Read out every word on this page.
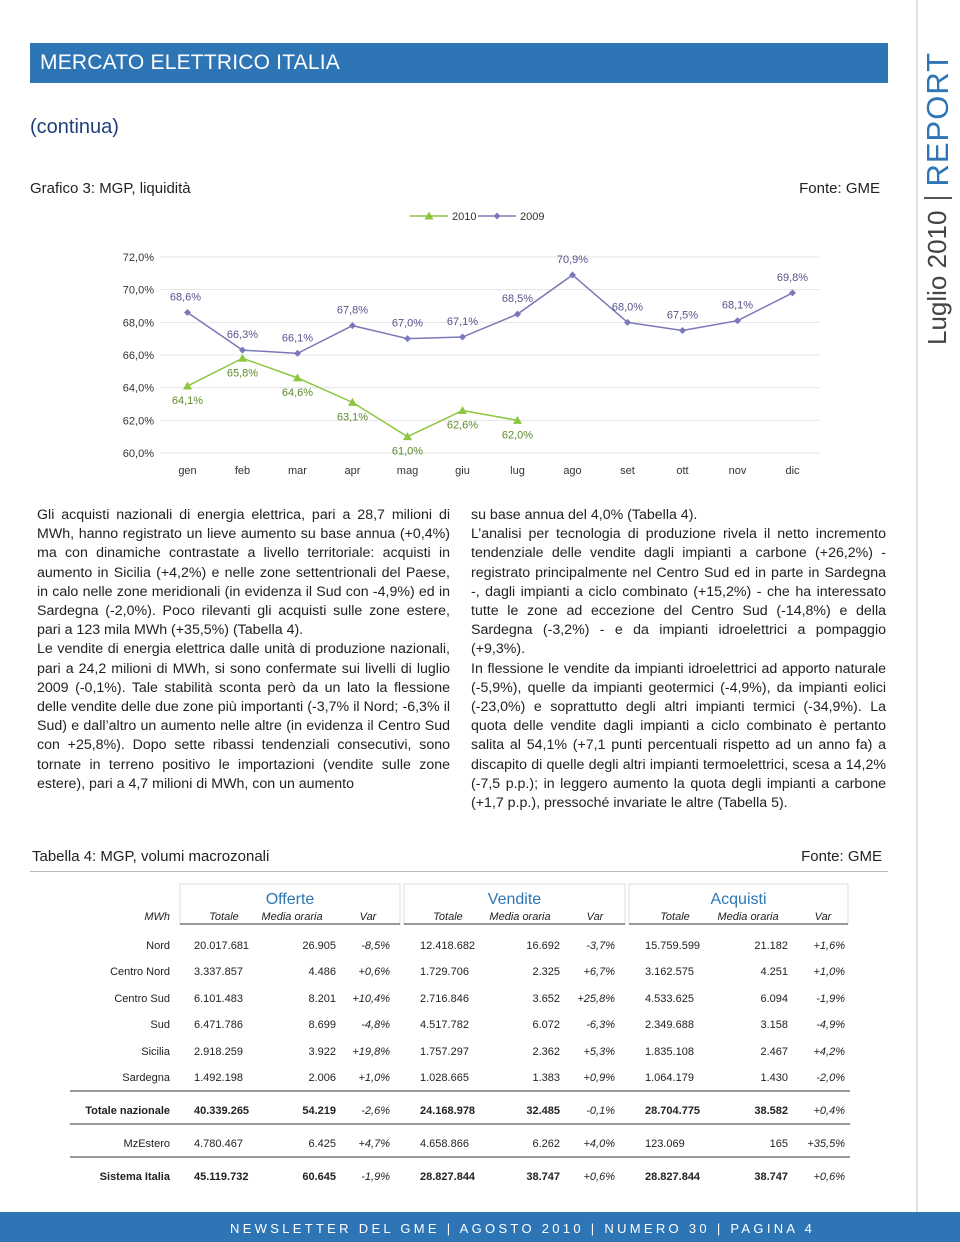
MERCATO ELETTRICO ITALIA
(continua)
Luglio 2010
REPORT
Grafico 3: MGP, liquidità	Fonte: GME
60,0%
62,0%
64,0%
66,0%
68,0%
70,0%
72,0%
gen	feb	mar	apr	mag	giu	lug	ago	set	ott	nov	dic
2010	2009
64,1%
65,8%
64,6%
63,1%
61,0%
62,6%
62,0%
68,6%
66,3% 66,1%
67,8%
67,0% 67,1%
68,5%
70,9%
68,0%
67,5%
68,1%
69,8%

Gli acquisti nazionali di energia elettrica, pari a 28,7 milioni di MWh, hanno registrato un lieve aumento su base annua (+0,4%) ma con dinamiche contrastate a livello territoriale: acquisti in aumento in Sicilia (+4,2%) e nelle zone settentrionali del Paese, in calo nelle zone meridionali (in evidenza il Sud con -4,9%) ed in Sardegna (-2,0%). Poco rilevanti gli acquisti sulle zone estere, pari a 123 mila MWh (+35,5%) (Tabella 4).

Le vendite di energia elettrica dalle unità di produzione nazionali, pari a 24,2 milioni di MWh, si sono confermate sui livelli di luglio 2009 (-0,1%). Tale stabilità sconta però da un lato la flessione delle vendite delle due zone più importanti (-3,7% il Nord; -6,3% il Sud) e dall’altro un aumento nelle altre (in evidenza il Centro Sud con +25,8%). Dopo sette ribassi tendenziali consecutivi, sono tornate in terreno positivo le importazioni (vendite sulle zone estere), pari a 4,7 milioni di MWh, con un aumento

su base annua del 4,0% (Tabella 4).

L’analisi per tecnologia di produzione rivela il netto incremento tendenziale delle vendite dagli impianti a carbone (+26,2%) - registrato principalmente nel Centro Sud ed in parte in Sardegna -, dagli impianti a ciclo combinato (+15,2%) - che ha interessato tutte le zone ad eccezione del Centro Sud (-14,8%) e della Sardegna (-3,2%) - e da impianti idroelettrici a pompaggio (+9,3%).

In flessione le vendite da impianti idroelettrici ad apporto naturale (-5,9%), quelle da impianti geotermici (-4,9%), da impianti eolici (-23,0%) e soprattutto degli altri impianti termici (-34,9%). La quota delle vendite dagli impianti a ciclo combinato è pertanto salita al 54,1% (+7,1 punti percentuali rispetto ad un anno fa) a discapito di quelle degli altri impianti termoelettrici, scesa a 14,2% (-7,5 p.p.); in leggero aumento la quota degli impianti a carbone (+1,7 p.p.), pressoché invariate le altre (Tabella 5).

Tabella 4: MGP, volumi macrozonali	Fonte: GME
Offerte	Vendite	Acquisti
MWh	Totale Media oraria	Var	Totale Media oraria	Var	Totale	Media oraria	Var
Nord 20.017.681	26.905 -8,5%	12.418.682	16.692 -3,7%	15.759.599	21.182 +1,6%
Centro Nord 3.337.857	4.486 +0,6%	1.729.706	2.325 +6,7%	3.162.575	4.251 +1,0%
Centro Sud 6.101.483	8.201 +10,4%	2.716.846	3.652 +25,8%	4.533.625	6.094	-1,9%
Sud 6.471.786	8.699 -4,8%	4.517.782	6.072 -6,3%	2.349.688	3.158	-4,9%
Sicilia 2.918.259	3.922 +19,8%	1.757.297	2.362 +5,3%	1.835.108	2.467 +4,2%
Sardegna 1.492.198	2.006 +1,0%	1.028.665	1.383 +0,9%	1.064.179	1.430	-2,0%
Totale nazionale 40.339.265	54.219 -2,6%	24.168.978	32.485 -0,1%	28.704.775	38.582 +0,4%
MzEstero 4.780.467	6.425 +4,7%	4.658.866	6.262 +4,0%	123.069	165 +35,5%
Sistema Italia 45.119.732	60.645 -1,9%	28.827.844	38.747 +0,6%	28.827.844	38.747 +0,6%
NEWSLETTER DEL GME | AGOSTO 2010 | NUMERO 30 | PAGINA 4
